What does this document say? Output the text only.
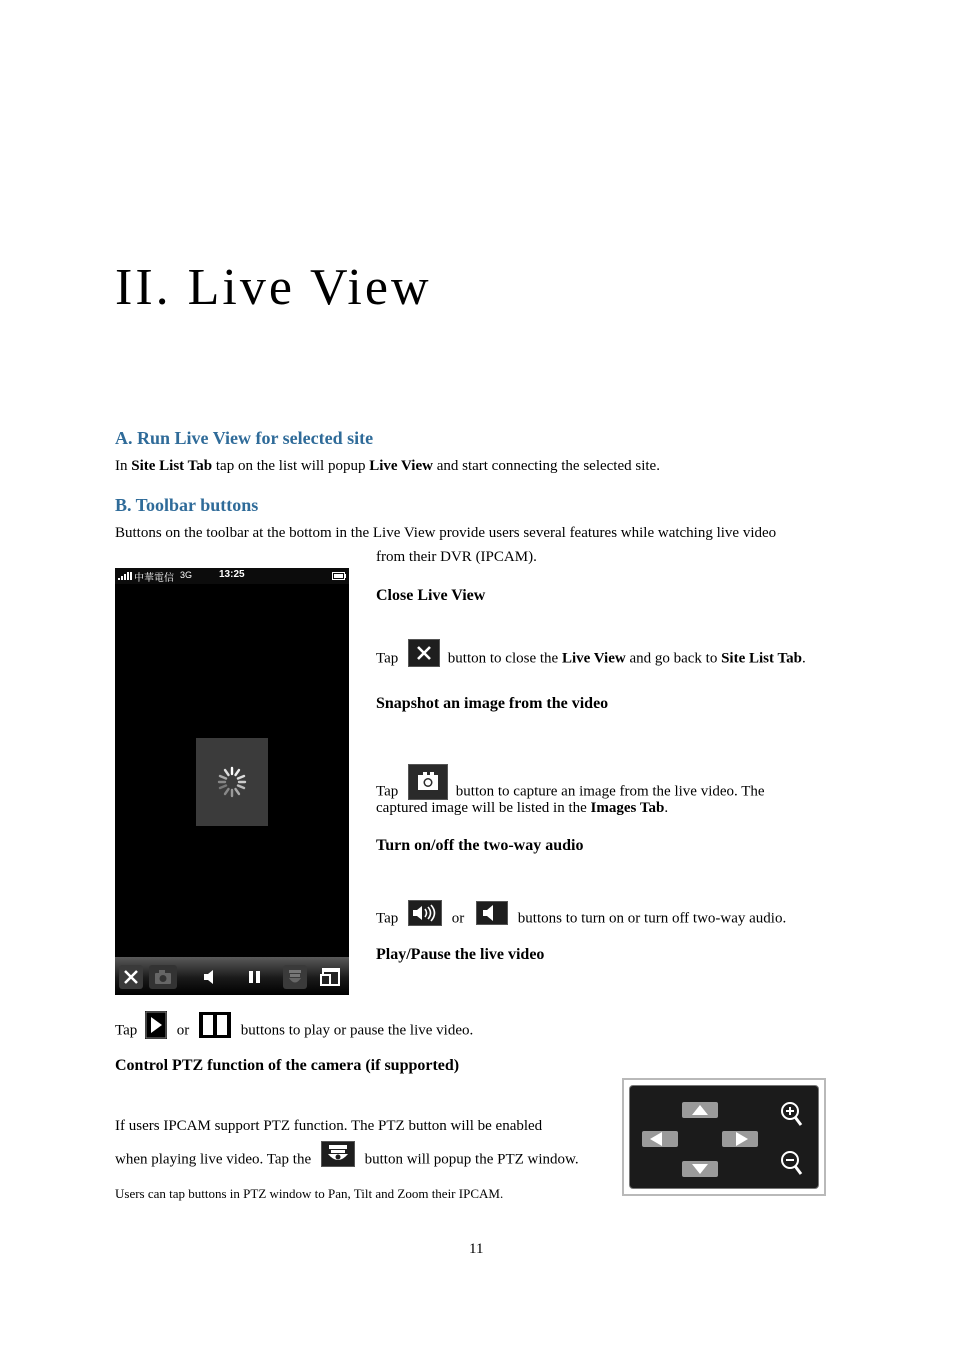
II. Live View
A. Run Live View for selected site
In Site List Tab tap on the list will popup Live View and start connecting the selected site.
B. Toolbar buttons
Buttons on the toolbar at the bottom in the Live View provide users several features while watching live video
from their DVR (IPCAM).
中華電信 3G	13:25
Close Live View
Tap	button to close the Live View and go back to Site List Tab.
Snapshot an image from the video
Tap	button to capture an image from the live video. The
captured image will be listed in the Images Tab.
Turn on/off the two-way audio
Tap	or	buttons to turn on or turn off two-way audio.
Play/Pause the live video
Tap	or	buttons to play or pause the live video.
Control PTZ function of the camera (if supported)
If users IPCAM support PTZ function. The PTZ button will be enabled
when playing live video. Tap the	button will popup the PTZ window.
Users can tap buttons in PTZ window to Pan, Tilt and Zoom their IPCAM.
11
